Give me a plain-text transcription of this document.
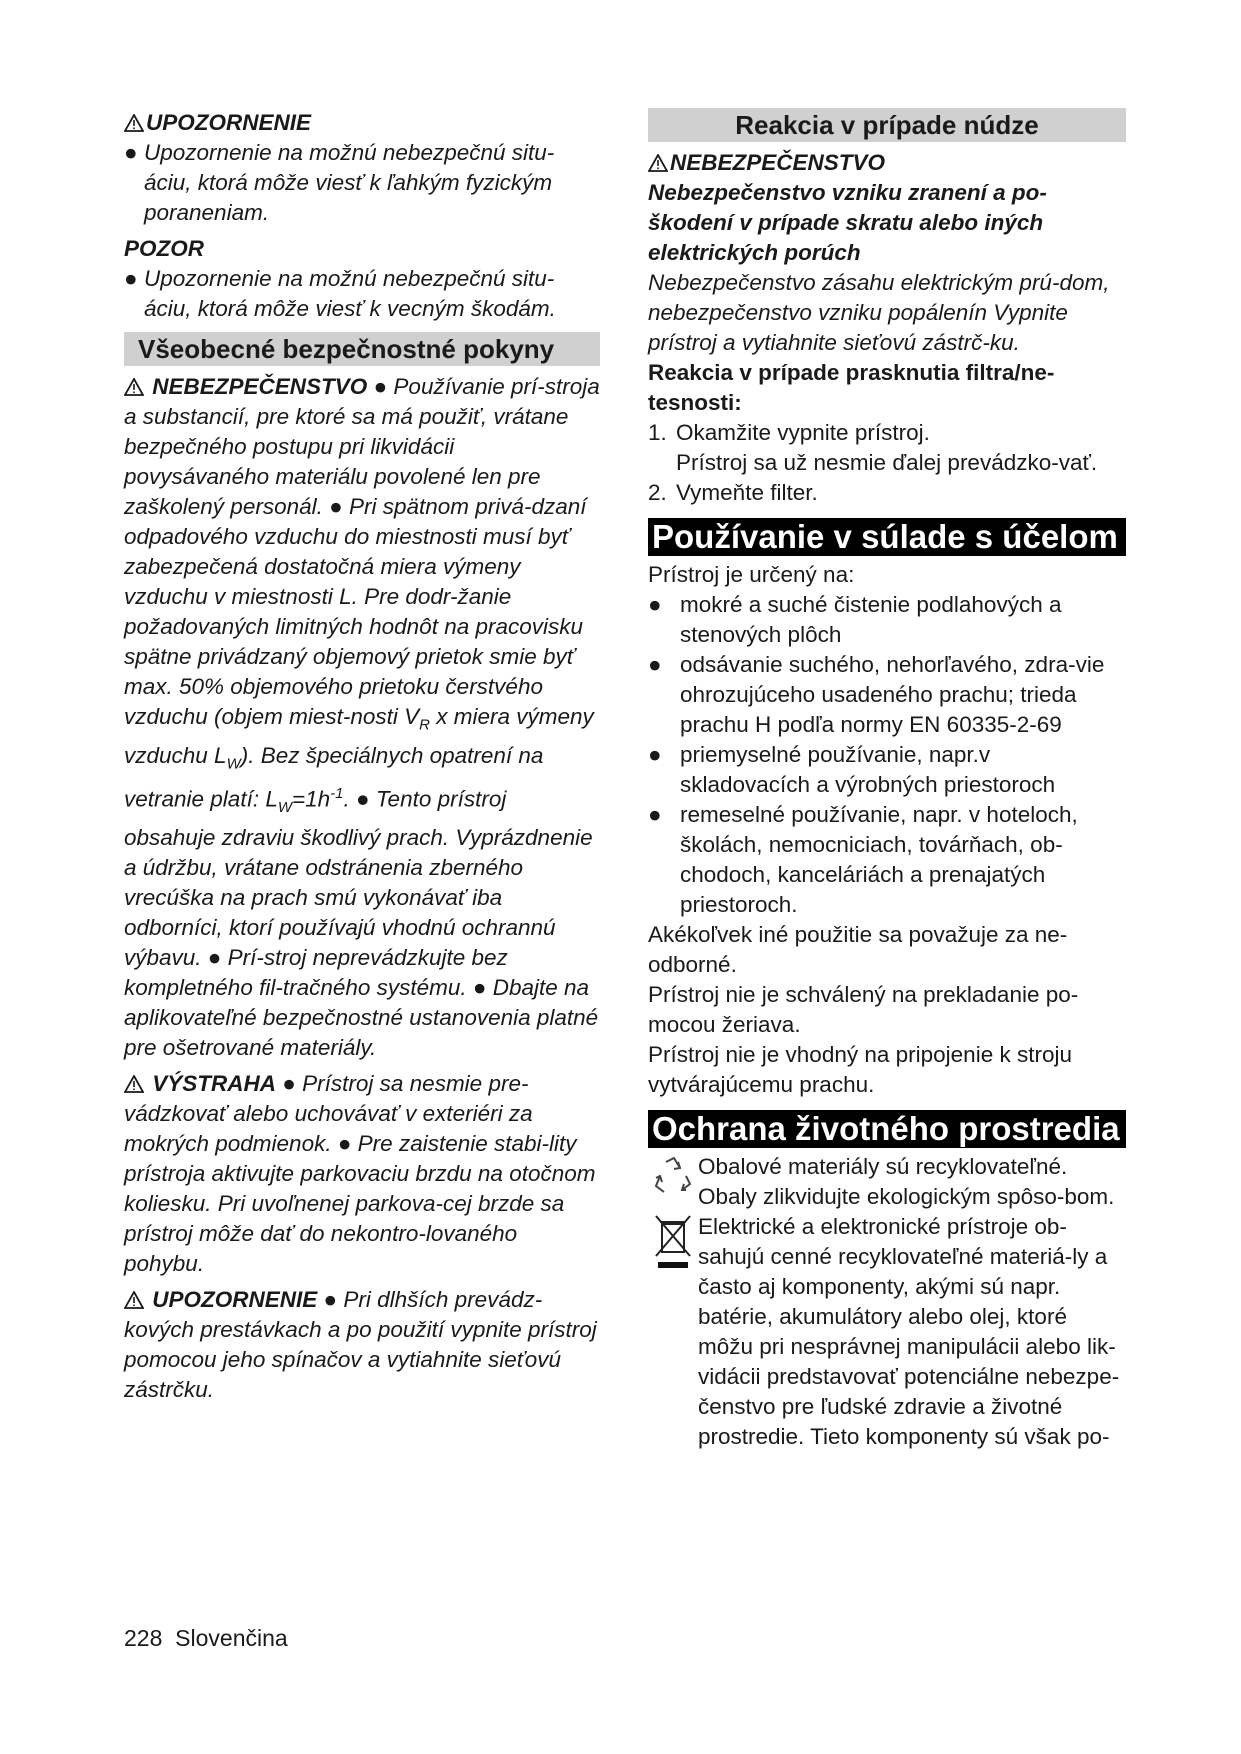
UPOZORNENIE
● Upozornenie na možnú nebezpečnú situ-áciu, ktorá môže viesť k ľahkým fyzickým poraneniam.
POZOR
● Upozornenie na možnú nebezpečnú situ-áciu, ktorá môže viesť k vecným škodám.
Všeobecné bezpečnostné pokyny

NEBEZPEČENSTVO ● Používanie prí-stroja a substancií, pre ktoré sa má použiť, vrátane bezpečného postupu pri likvidácii povysávaného materiálu povolené len pre zaškolený personál. ● Pri spätnom privá-dzaní odpadového vzduchu do miestnosti musí byť zabezpečená dostatočná miera výmeny vzduchu v miestnosti L. Pre dodr-žanie požadovaných limitných hodnôt na pracovisku spätne privádzaný objemový prietok smie byť max. 50% objemového prietoku čerstvého vzduchu (objem miest-nosti $V_R$ x miera výmeny vzduchu $L_W$). Bez špeciálnych opatrení na vetranie platí: $L_W=1h^{-1}$. ● Tento prístroj obsahuje zdraviu škodlivý prach. Vyprázdnenie a údržbu, vrátane odstránenia zberného vrecúška na prach smú vykonávať iba odborníci, ktorí používajú vhodnú ochrannú výbavu. ● Prí-stroj neprevádzkujte bez kompletného fil-tračného systému. ● Dbajte na aplikovateľné bezpečnostné ustanovenia platné pre ošetrované materiály.

VÝSTRAHA ● Prístroj sa nesmie pre-vádzkovať alebo uchovávať v exteriéri za mokrých podmienok. ● Pre zaistenie stabi-lity prístroja aktivujte parkovaciu brzdu na otočnom koliesku. Pri uvoľnenej parkova-cej brzde sa prístroj môže dať do nekontro-lovaného pohybu.

UPOZORNENIE ● Pri dlhších prevádz-kových prestávkach a po použití vypnite prístroj pomocou jeho spínačov a vytiahnite sieťovú zástrčku.

Reakcia v prípade núdze
NEBEZPEČENSTVO

Nebezpečenstvo vzniku zranení a po-škodení v prípade skratu alebo iných elektrických porúch

Nebezpečenstvo zásahu elektrickým prú-dom, nebezpečenstvo vzniku popálenín Vypnite prístroj a vytiahnite sieťovú zástrč-ku.

Reakcia v prípade prasknutia filtra/ne-tesnosti:

1. Okamžite vypnite prístroj.
Prístroj sa už nesmie ďalej prevádzko-vať.
2. Vymeňte filter.
Používanie v súlade s účelom

Prístroj je určený na:

● mokré a suché čistenie podlahových a stenových plôch
● odsávanie suchého, nehorľavého, zdra-vie ohrozujúceho usadeného prachu; trieda prachu H podľa normy EN 60335-2-69
● priemyselné používanie, napr.v skladovacích a výrobných priestoroch
● remeselné používanie, napr. v hoteloch, školách, nemocniciach, továrňach, ob-chodoch, kanceláriách a prenajatých priestoroch.

Akékoľvek iné použitie sa považuje za ne-odborné.

Prístroj nie je schválený na prekladanie po-mocou žeriava.

Prístroj nie je vhodný na pripojenie k stroju vytvárajúcemu prachu.

Ochrana životného prostredia
Obalové materiály sú recyklovateľné. Obaly zlikvidujte ekologickým spôso-bom.
Elektrické a elektronické prístroje ob-sahujú cenné recyklovateľné materiá-ly a často aj komponenty, akými sú napr. batérie, akumulátory alebo olej, ktoré môžu pri nesprávnej manipulácii alebo lik-vidácii predstavovať potenciálne nebezpe-čenstvo pre ľudské zdravie a životné prostredie. Tieto komponenty sú však po-
228 Slovenčina
